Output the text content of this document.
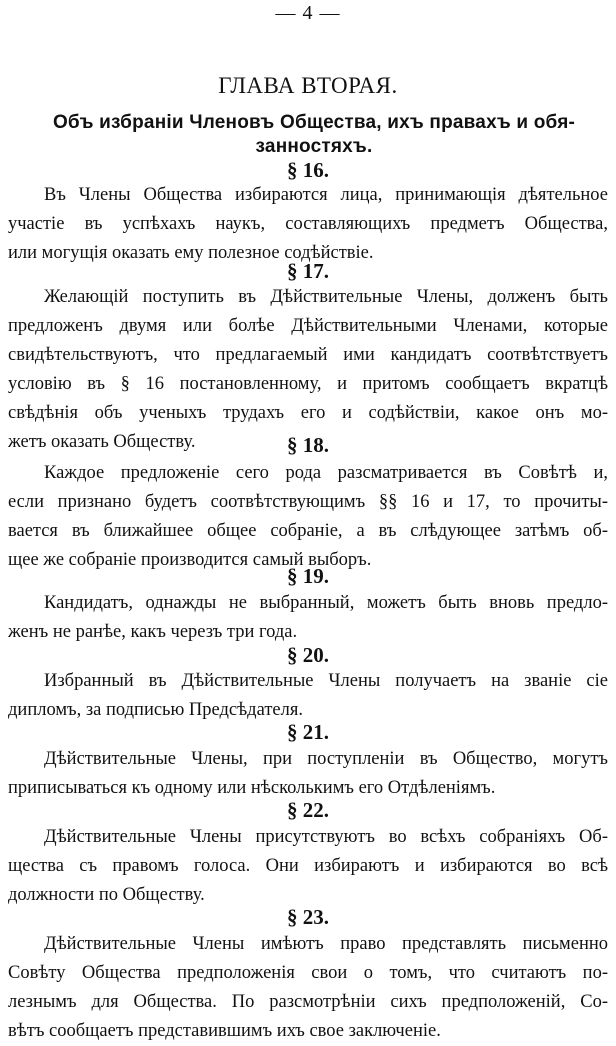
— 4 —
ГЛАВА ВТОРАЯ.
Объ избранiи Членовъ Общества, ихъ правахъ и обя-
занностяхъ.
§ 16.
Въ Члены Общества избираются лица, принимающiя дѣятельное
участiе въ успѣхахъ наукъ, составляющихъ предметъ Общества,
или могущiя оказать ему полезное содѣйствiе.
§ 17.
Желающiй поступить въ Дѣйствительные Члены, долженъ быть
предложенъ двумя или болѣе Дѣйствительными Членами, которые
свидѣтельствуютъ, что предлагаемый ими кандидатъ соотвѣтствуетъ
условiю въ § 16 постановленному, и притомъ сообщаетъ вкратцѣ
свѣдѣнiя объ ученыхъ трудахъ его и содѣйствiи, какое онъ мо-
жетъ оказать Обществу.	§ 18.
Каждое предложенiе сего рода разсматривается въ Совѣтѣ и,
если признано будетъ соотвѣтствующимъ §§ 16 и 17, то прочиты-
вается въ ближайшее общее собранiе, а въ слѣдующее затѣмъ об-
щее же собранiе производится самый выборъ.
§ 19.
Кандидатъ, однажды не выбранный, можетъ быть вновь предло-
женъ не ранѣе, какъ черезъ три года.
§ 20.
Избранный въ Дѣйствительные Члены получаетъ на званiе сiе
дипломъ, за подписью Предсѣдателя.
§ 21.
Дѣйствительные Члены, при поступленiи въ Общество, могутъ
приписываться къ одному или нѣсколькимъ его Отдѣленiямъ.
§ 22.
Дѣйствительные Члены присутствуютъ во всѣхъ собранiяхъ Об-
щества съ правомъ голоса. Они избираютъ и избираются во всѣ
должности по Обществу.
§ 23.
Дѣйствительные Члены имѣютъ право представлять письменно
Совѣту Общества предположенiя свои о томъ, что считаютъ по-
лезнымъ для Общества. По разсмотрѣнiи сихъ предположенiй, Со-
вѣтъ сообщаетъ представившимъ ихъ свое заключенiе.
